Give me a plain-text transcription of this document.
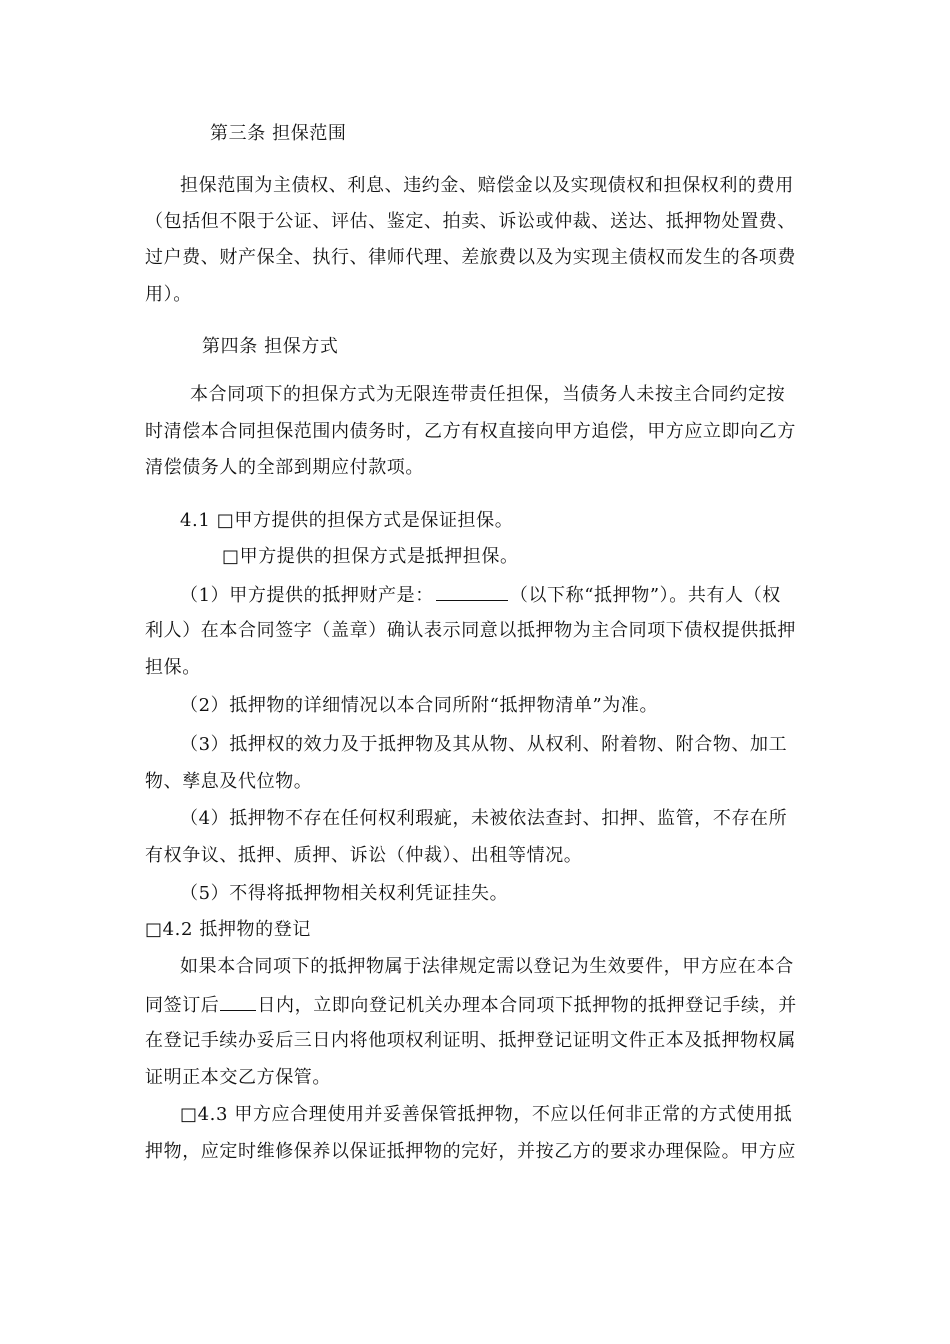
第三条 担保范围
担保范围为主债权、利息、违约金、赔偿金以及实现债权和担保权利的费用
（包括但不限于公证、评估、鉴定、拍卖、诉讼或仲裁、送达、抵押物处置费、
过户费、财产保全、执行、律师代理、差旅费以及为实现主债权而发生的各项费
用）。
第四条 担保方式
本合同项下的担保方式为无限连带责任担保，当债务人未按主合同约定按
时清偿本合同担保范围内债务时，乙方有权直接向甲方追偿，甲方应立即向乙方
清偿债务人的全部到期应付款项。
4.1 □甲方提供的担保方式是保证担保。
□甲方提供的担保方式是抵押担保。
（1）甲方提供的抵押财产是：	（以下称“抵押物”）。共有人（权
利人）在本合同签字（盖章）确认表示同意以抵押物为主合同项下债权提供抵押
担保。
（2）抵押物的详细情况以本合同所附“抵押物清单”为准。
（3）抵押权的效力及于抵押物及其从物、从权利、附着物、附合物、加工
物、孳息及代位物。
（4）抵押物不存在任何权利瑕疵，未被依法查封、扣押、监管，不存在所
有权争议、抵押、质押、诉讼（仲裁）、出租等情况。
（5）不得将抵押物相关权利凭证挂失。
□4.2 抵押物的登记
如果本合同项下的抵押物属于法律规定需以登记为生效要件，甲方应在本合
同签订后 日内，立即向登记机关办理本合同项下抵押物的抵押登记手续，并
在登记手续办妥后三日内将他项权利证明、抵押登记证明文件正本及抵押物权属
证明正本交乙方保管。
□4.3 甲方应合理使用并妥善保管抵押物，不应以任何非正常的方式使用抵
押物，应定时维修保养以保证抵押物的完好，并按乙方的要求办理保险。甲方应
